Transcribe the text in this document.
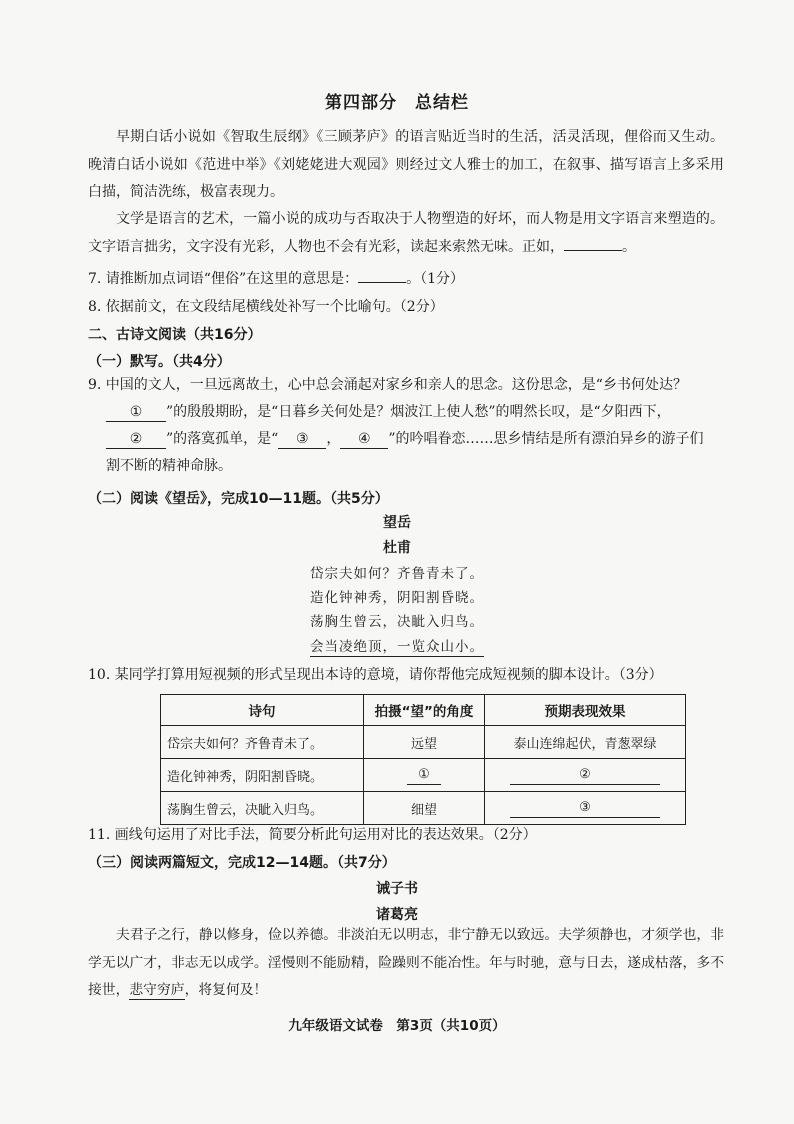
第四部分 总结栏
早期白话小说如《智取生辰纲》《三顾茅庐》的语言贴近当时的生活，活灵活现，俚俗而又生动。晚清白话小说如《范进中举》《刘姥姥进大观园》则经过文人雅士的加工，在叙事、描写语言上多采用白描，简洁洗练，极富表现力。
文学是语言的艺术，一篇小说的成功与否取决于人物塑造的好坏，而人物是用文字语言来塑造的。文字语言拙劣，文字没有光彩，人物也不会有光彩，读起来索然无味。正如，	。
7. 请推断加点词语“俚俗”在这里的意思是：	。（1分）
8. 依据前文，在文段结尾横线处补写一个比喻句。（2分）
二、古诗文阅读（共16分）
（一）默写。（共4分）
9. 中国的文人，一旦远离故土，心中总会涌起对家乡和亲人的思念。这份思念，是“乡书何处达？
① ”的殷殷期盼，是“日暮乡关何处是？烟波江上使人愁”的喟然长叹，是“夕阳西下，
② ”的落寞孤单，是“ ③ ， ④ ”的吟唱眷恋……思乡情结是所有漂泊异乡的游子们
割不断的精神命脉。
（二）阅读《望岳》，完成10—11题。（共5分）
望岳
杜甫
岱宗夫如何？齐鲁青未了。
造化钟神秀，阴阳割昏晓。
荡胸生曾云，决眦入归鸟。
会当凌绝顶，一览众山小。
10. 某同学打算用短视频的形式呈现出本诗的意境，请你帮他完成短视频的脚本设计。（3分）
诗句	拍摄“望”的角度	预期表现效果
岱宗夫如何？齐鲁青未了。	远望	泰山连绵起伏，青葱翠绿
造化钟神秀，阴阳割昏晓。	①	②
荡胸生曾云，决眦入归鸟。	细望	③
11. 画线句运用了对比手法，简要分析此句运用对比的表达效果。（2分）
（三）阅读两篇短文，完成12—14题。（共7分）
诫子书
诸葛亮
夫君子之行，静以修身，俭以养德。非淡泊无以明志，非宁静无以致远。夫学须静也，才须学也，非学无以广才，非志无以成学。淫慢则不能励精，险躁则不能冶性。年与时驰，意与日去，遂成枯落，多不接世，悲守穷庐，将复何及！
九年级语文试卷　第3页（共10页）
